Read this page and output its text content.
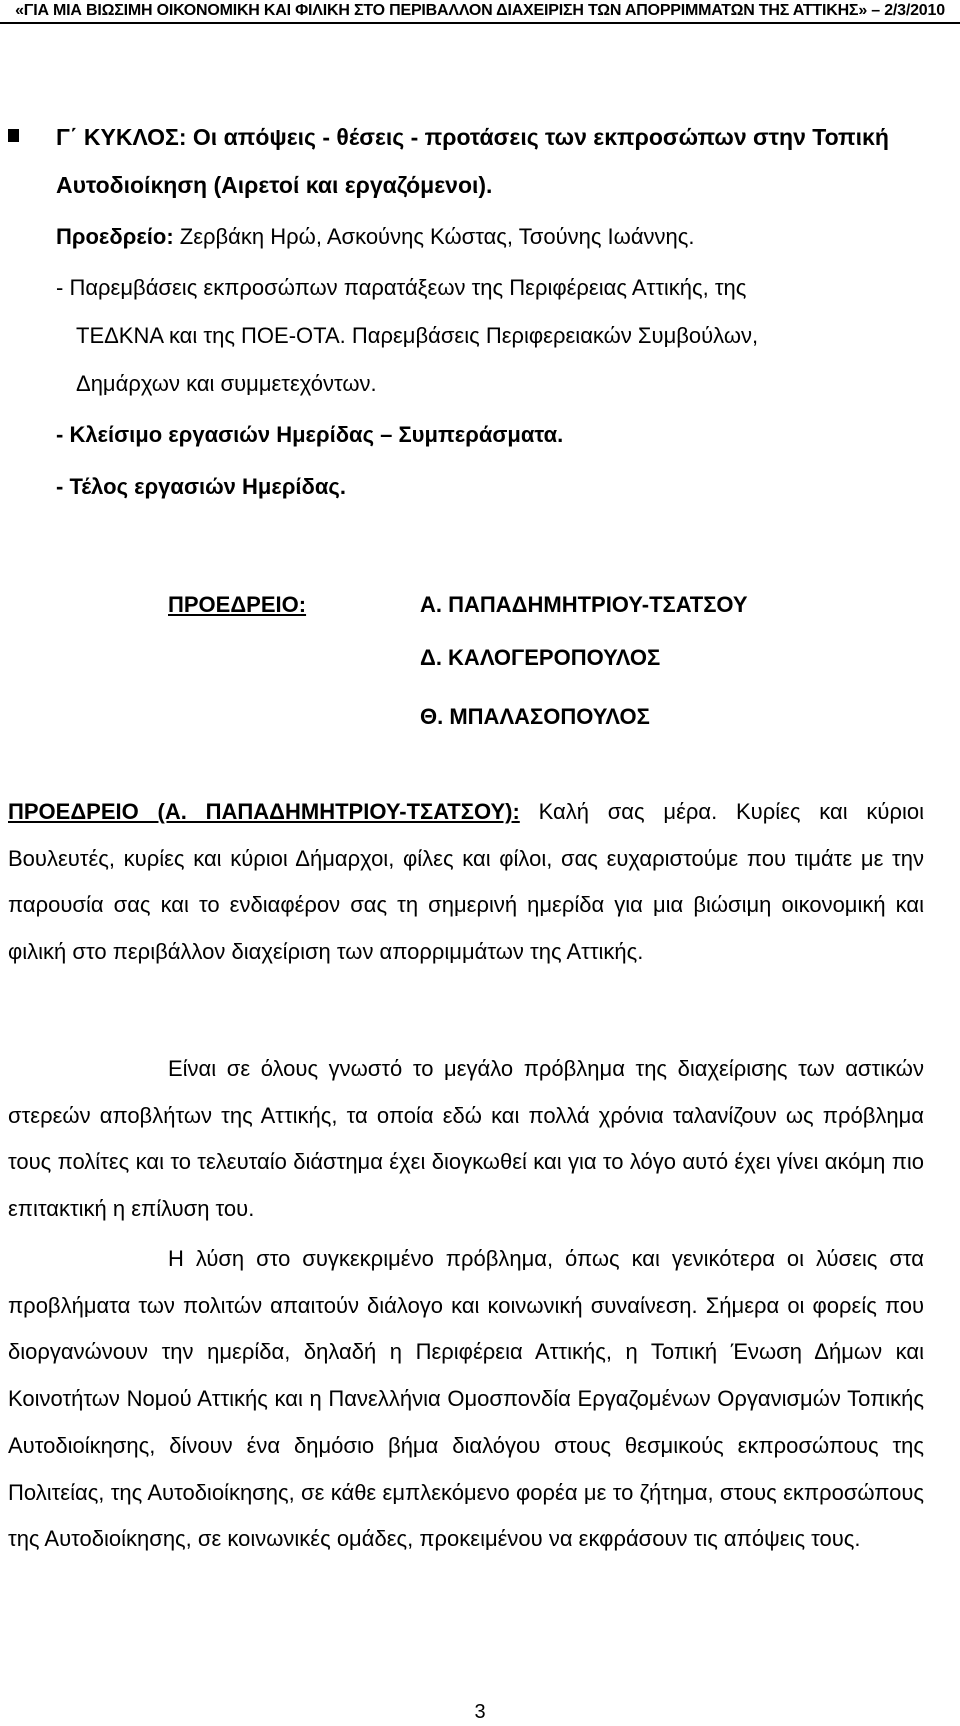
«ΓΙΑ ΜΙΑ ΒΙΩΣΙΜΗ ΟΙΚΟΝΟΜΙΚΗ ΚΑΙ ΦΙΛΙΚΗ ΣΤΟ ΠΕΡΙΒΑΛΛΟΝ ΔΙΑΧΕΙΡΙΣΗ ΤΩΝ ΑΠΟΡΡΙΜΜΑΤΩΝ ΤΗΣ ΑΤΤΙΚΗΣ» – 2/3/2010
Γ΄ ΚΥΚΛΟΣ: Οι απόψεις - θέσεις - προτάσεις των εκπροσώπων στην Τοπική Αυτοδιοίκηση (Αιρετοί και εργαζόμενοι).
Προεδρείο: Ζερβάκη Ηρώ, Ασκούνης Κώστας, Τσούνης Ιωάννης.
- Παρεμβάσεις εκπροσώπων παρατάξεων της Περιφέρειας Αττικής, της
ΤΕΔΚΝΑ και της ΠΟΕ-ΟΤΑ. Παρεμβάσεις Περιφερειακών Συμβούλων,
Δημάρχων και συμμετεχόντων.
- Κλείσιμο εργασιών Ημερίδας – Συμπεράσματα.
- Τέλος εργασιών Ημερίδας.
ΠΡΟΕΔΡΕΙΟ:	Α. ΠΑΠΑΔΗΜΗΤΡΙΟΥ-ΤΣΑΤΣΟΥ
Δ. ΚΑΛΟΓΕΡΟΠΟΥΛΟΣ
Θ. ΜΠΑΛΑΣΟΠΟΥΛΟΣ
ΠΡΟΕΔΡΕΙΟ (Α. ΠΑΠΑΔΗΜΗΤΡΙΟΥ-ΤΣΑΤΣΟΥ): Καλή σας μέρα. Κυρίες και κύριοι Βουλευτές, κυρίες και κύριοι Δήμαρχοι, φίλες και φίλοι, σας ευχαριστούμε που τιμάτε με την παρουσία σας και το ενδιαφέρον σας τη σημερινή ημερίδα για μια βιώσιμη οικονομική και φιλική στο περιβάλλον διαχείριση των απορριμμάτων της Αττικής.
Είναι σε όλους γνωστό το μεγάλο πρόβλημα της διαχείρισης των αστικών στερεών αποβλήτων της Αττικής, τα οποία εδώ και πολλά χρόνια ταλανίζουν ως πρόβλημα τους πολίτες και το τελευταίο διάστημα έχει διογκωθεί και για το λόγο αυτό έχει γίνει ακόμη πιο επιτακτική η επίλυση του.
Η λύση στο συγκεκριμένο πρόβλημα, όπως και γενικότερα οι λύσεις στα προβλήματα των πολιτών απαιτούν διάλογο και κοινωνική συναίνεση. Σήμερα οι φορείς που διοργανώνουν την ημερίδα, δηλαδή η Περιφέρεια Αττικής, η Τοπική Ένωση Δήμων και Κοινοτήτων Νομού Αττικής και η Πανελλήνια Ομοσπονδία Εργαζομένων Οργανισμών Τοπικής Αυτοδιοίκησης, δίνουν ένα δημόσιο βήμα διαλόγου στους θεσμικούς εκπροσώπους της Πολιτείας, της Αυτοδιοίκησης, σε κάθε εμπλεκόμενο φορέα με το ζήτημα, στους εκπροσώπους της Αυτοδιοίκησης, σε κοινωνικές ομάδες, προκειμένου να εκφράσουν τις απόψεις τους.
3
